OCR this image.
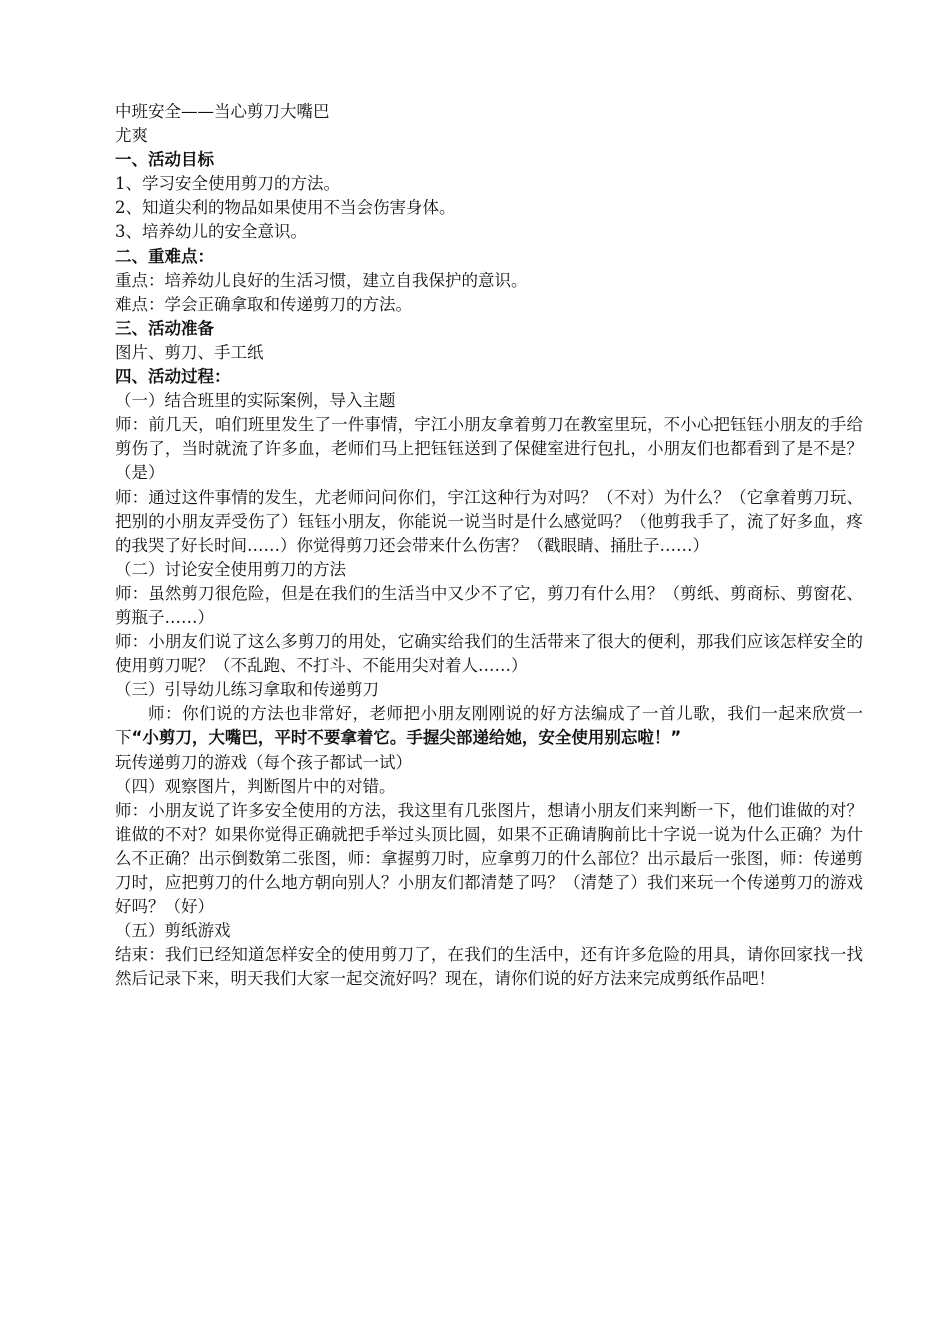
中班安全——当心剪刀大嘴巴

尤爽

一、活动目标

1、学习安全使用剪刀的方法。

2、知道尖利的物品如果使用不当会伤害身体。

3、培养幼儿的安全意识。

二、重难点：

重点：培养幼儿良好的生活习惯，建立自我保护的意识。

难点：学会正确拿取和传递剪刀的方法。

三、活动准备

图片、剪刀、手工纸

四、活动过程：

（一）结合班里的实际案例，导入主题

师：前几天，咱们班里发生了一件事情，宇江小朋友拿着剪刀在教室里玩，不小心把钰钰小朋友的手给剪伤了，当时就流了许多血，老师们马上把钰钰送到了保健室进行包扎，小朋友们也都看到了是不是？（是）

师：通过这件事情的发生，尤老师问问你们，宇江这种行为对吗？（不对）为什么？（它拿着剪刀玩、把别的小朋友弄受伤了）钰钰小朋友，你能说一说当时是什么感觉吗？（他剪我手了，流了好多血，疼的我哭了好长时间……）你觉得剪刀还会带来什么伤害？（戳眼睛、捅肚子……）

（二）讨论安全使用剪刀的方法

师：虽然剪刀很危险，但是在我们的生活当中又少不了它，剪刀有什么用？（剪纸、剪商标、剪窗花、剪瓶子……）

师：小朋友们说了这么多剪刀的用处，它确实给我们的生活带来了很大的便利，那我们应该怎样安全的使用剪刀呢？（不乱跑、不打斗、不能用尖对着人……）

（三）引导幼儿练习拿取和传递剪刀

师：你们说的方法也非常好，老师把小朋友刚刚说的好方法编成了一首儿歌，我们一起来欣赏一下“小剪刀，大嘴巴，平时不要拿着它。手握尖部递给她，安全使用别忘啦！”

玩传递剪刀的游戏（每个孩子都试一试）

（四）观察图片，判断图片中的对错。

师：小朋友说了许多安全使用的方法，我这里有几张图片，想请小朋友们来判断一下，他们谁做的对？谁做的不对？如果你觉得正确就把手举过头顶比圆，如果不正确请胸前比十字说一说为什么正确？为什么不正确？出示倒数第二张图，师：拿握剪刀时，应拿剪刀的什么部位？出示最后一张图，师：传递剪刀时，应把剪刀的什么地方朝向别人？小朋友们都清楚了吗？（清楚了）我们来玩一个传递剪刀的游戏好吗？（好）

（五）剪纸游戏

结束：我们已经知道怎样安全的使用剪刀了，在我们的生活中，还有许多危险的用具，请你回家找一找然后记录下来，明天我们大家一起交流好吗？现在，请你们说的好方法来完成剪纸作品吧！
